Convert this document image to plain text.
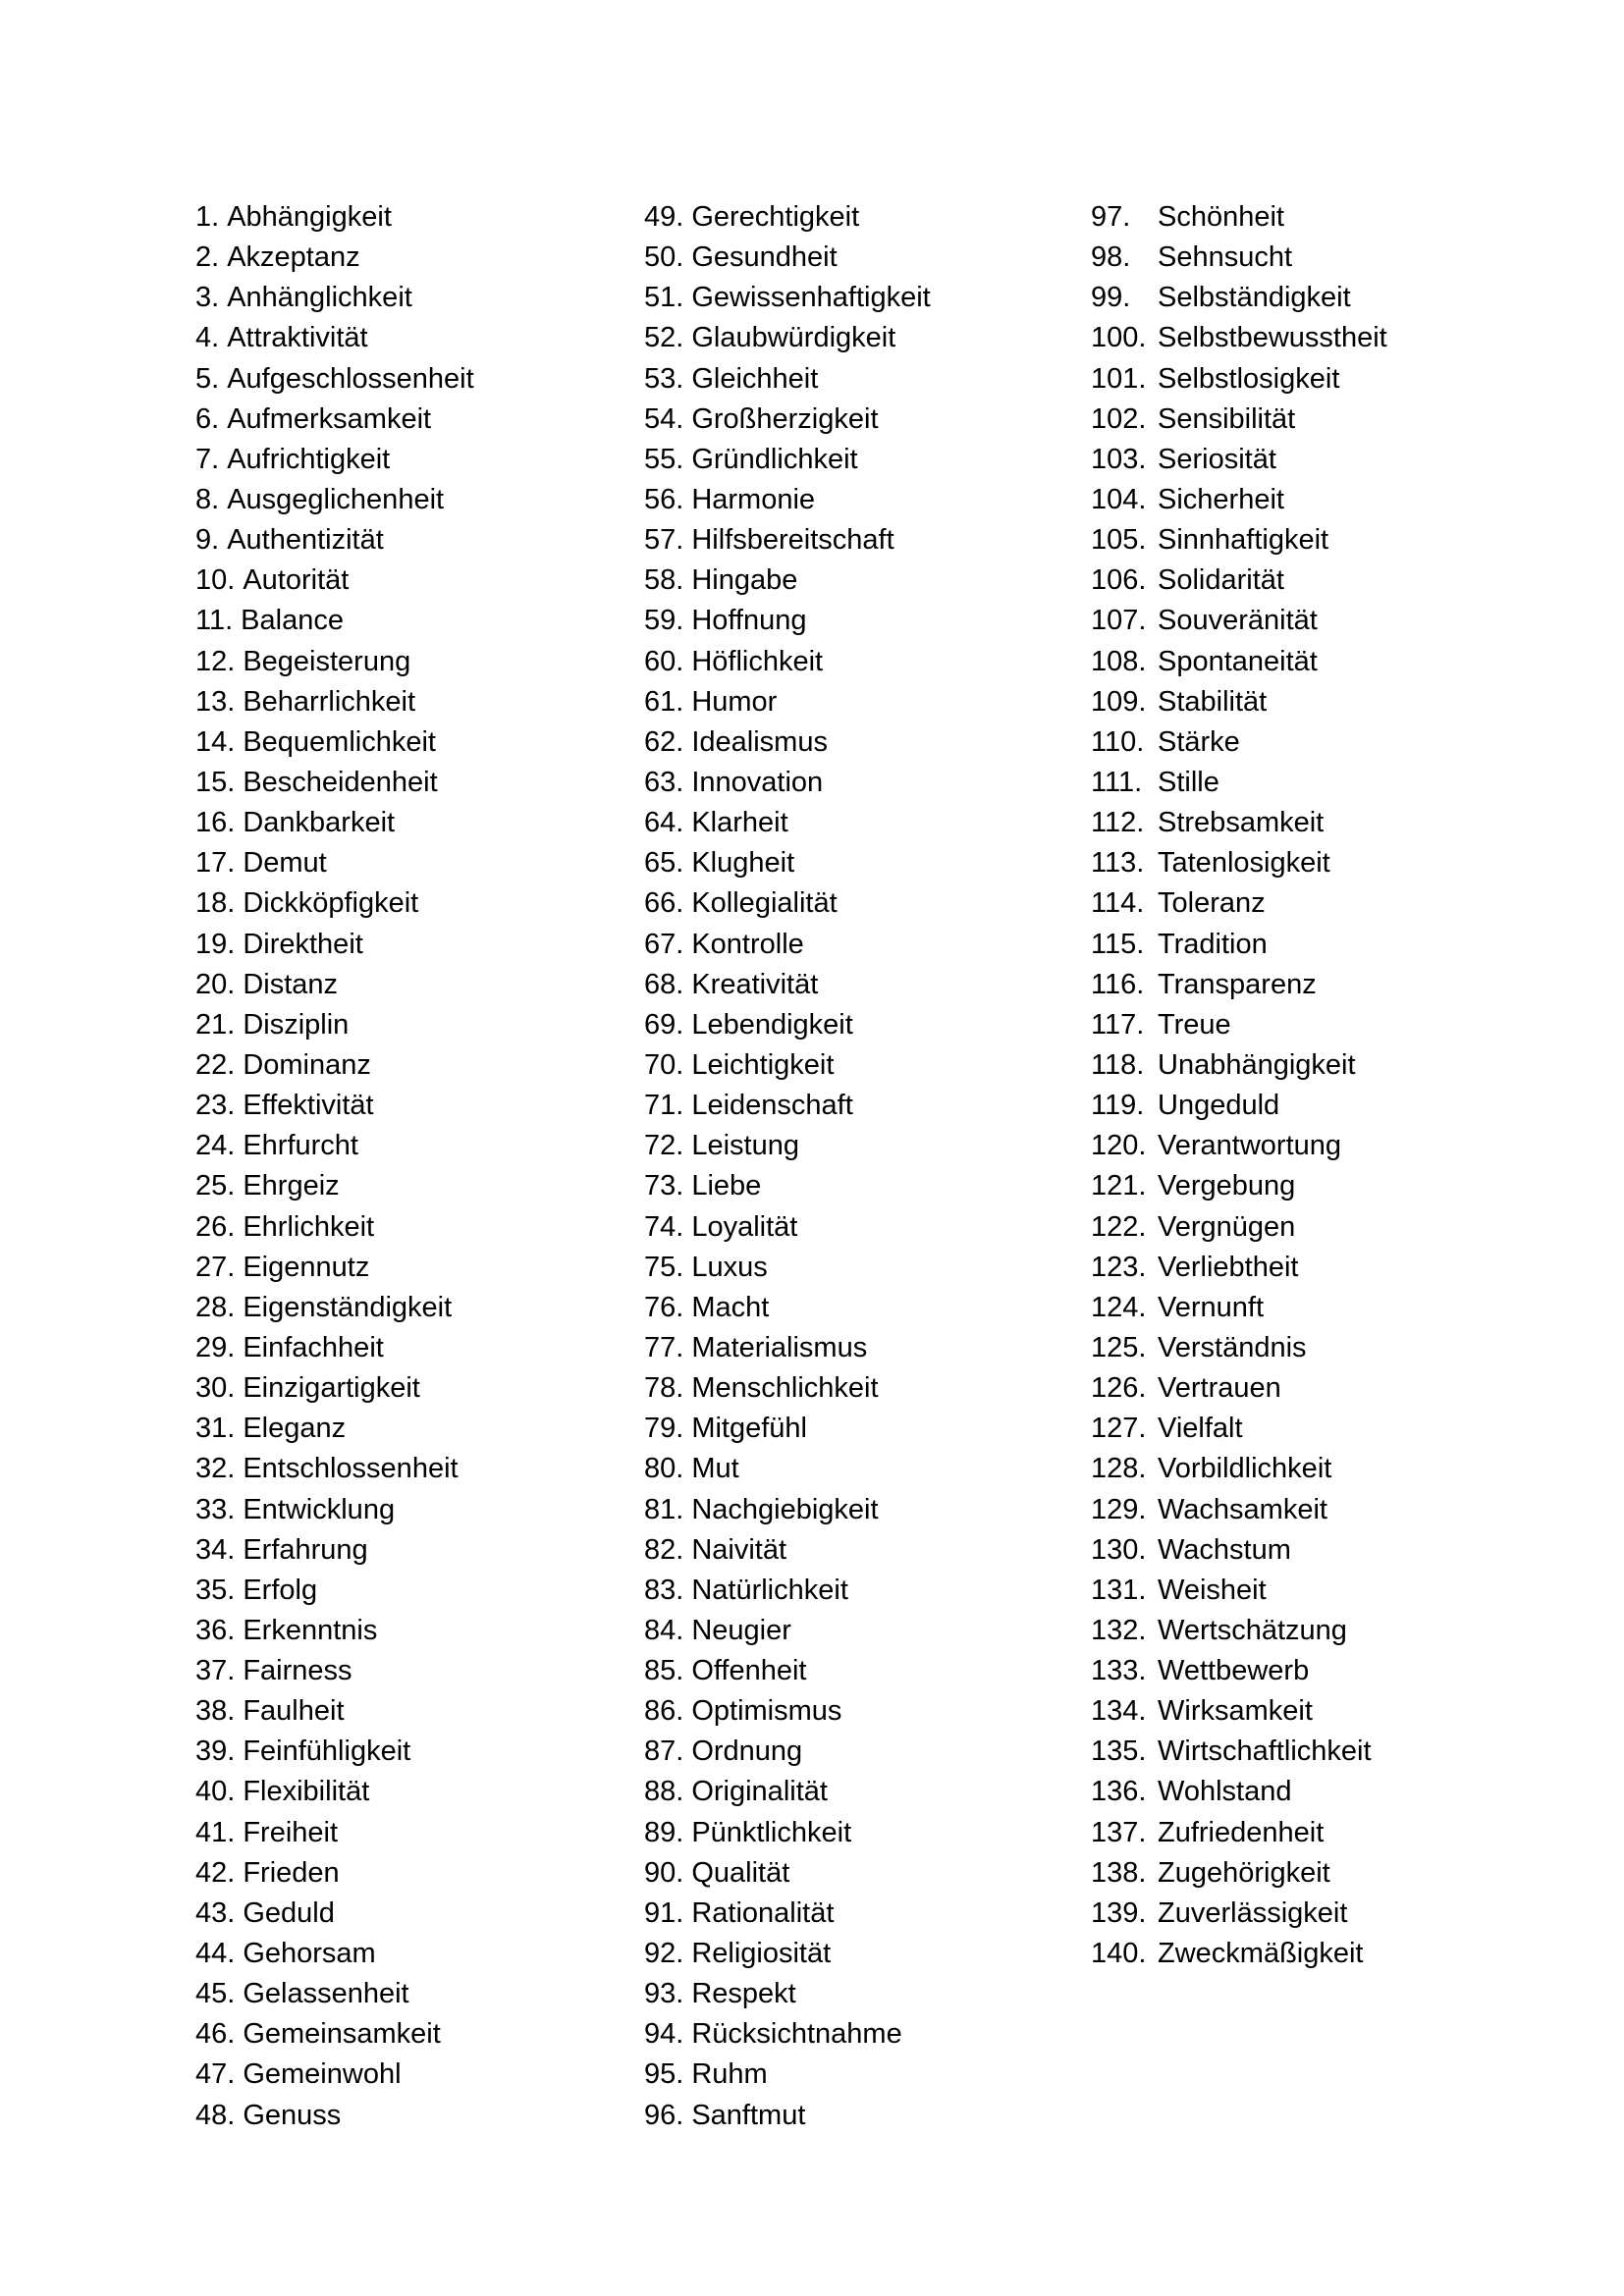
1. Abhängigkeit
2. Akzeptanz
3. Anhänglichkeit
4. Attraktivität
5. Aufgeschlossenheit
6. Aufmerksamkeit
7. Aufrichtigkeit
8. Ausgeglichenheit
9. Authentizität
10. Autorität
11. Balance
12. Begeisterung
13. Beharrlichkeit
14. Bequemlichkeit
15. Bescheidenheit
16. Dankbarkeit
17. Demut
18. Dickköpfigkeit
19. Direktheit
20. Distanz
21. Disziplin
22. Dominanz
23. Effektivität
24. Ehrfurcht
25. Ehrgeiz
26. Ehrlichkeit
27. Eigennutz
28. Eigenständigkeit
29. Einfachheit
30. Einzigartigkeit
31. Eleganz
32. Entschlossenheit
33. Entwicklung
34. Erfahrung
35. Erfolg
36. Erkenntnis
37. Fairness
38. Faulheit
39. Feinfühligkeit
40. Flexibilität
41. Freiheit
42. Frieden
43. Geduld
44. Gehorsam
45. Gelassenheit
46. Gemeinsamkeit
47. Gemeinwohl
48. Genuss
49. Gerechtigkeit
50. Gesundheit
51. Gewissenhaftigkeit
52. Glaubwürdigkeit
53. Gleichheit
54. Großherzigkeit
55. Gründlichkeit
56. Harmonie
57. Hilfsbereitschaft
58. Hingabe
59. Hoffnung
60. Höflichkeit
61. Humor
62. Idealismus
63. Innovation
64. Klarheit
65. Klugheit
66. Kollegialität
67. Kontrolle
68. Kreativität
69. Lebendigkeit
70. Leichtigkeit
71. Leidenschaft
72. Leistung
73. Liebe
74. Loyalität
75. Luxus
76. Macht
77. Materialismus
78. Menschlichkeit
79. Mitgefühl
80. Mut
81. Nachgiebigkeit
82. Naivität
83. Natürlichkeit
84. Neugier
85. Offenheit
86. Optimismus
87. Ordnung
88. Originalität
89. Pünktlichkeit
90. Qualität
91. Rationalität
92. Religiosität
93. Respekt
94. Rücksichtnahme
95. Ruhm
96. Sanftmut
97. Schönheit
98. Sehnsucht
99. Selbständigkeit
100. Selbstbewusstheit
101. Selbstlosigkeit
102. Sensibilität
103. Seriosität
104. Sicherheit
105. Sinnhaftigkeit
106. Solidarität
107. Souveränität
108. Spontaneität
109. Stabilität
110. Stärke
111. Stille
112. Strebsamkeit
113. Tatenlosigkeit
114. Toleranz
115. Tradition
116. Transparenz
117. Treue
118. Unabhängigkeit
119. Ungeduld
120. Verantwortung
121. Vergebung
122. Vergnügen
123. Verliebtheit
124. Vernunft
125. Verständnis
126. Vertrauen
127. Vielfalt
128. Vorbildlichkeit
129. Wachsamkeit
130. Wachstum
131. Weisheit
132. Wertschätzung
133. Wettbewerb
134. Wirksamkeit
135. Wirtschaftlichkeit
136. Wohlstand
137. Zufriedenheit
138. Zugehörigkeit
139. Zuverlässigkeit
140. Zweckmäßigkeit
